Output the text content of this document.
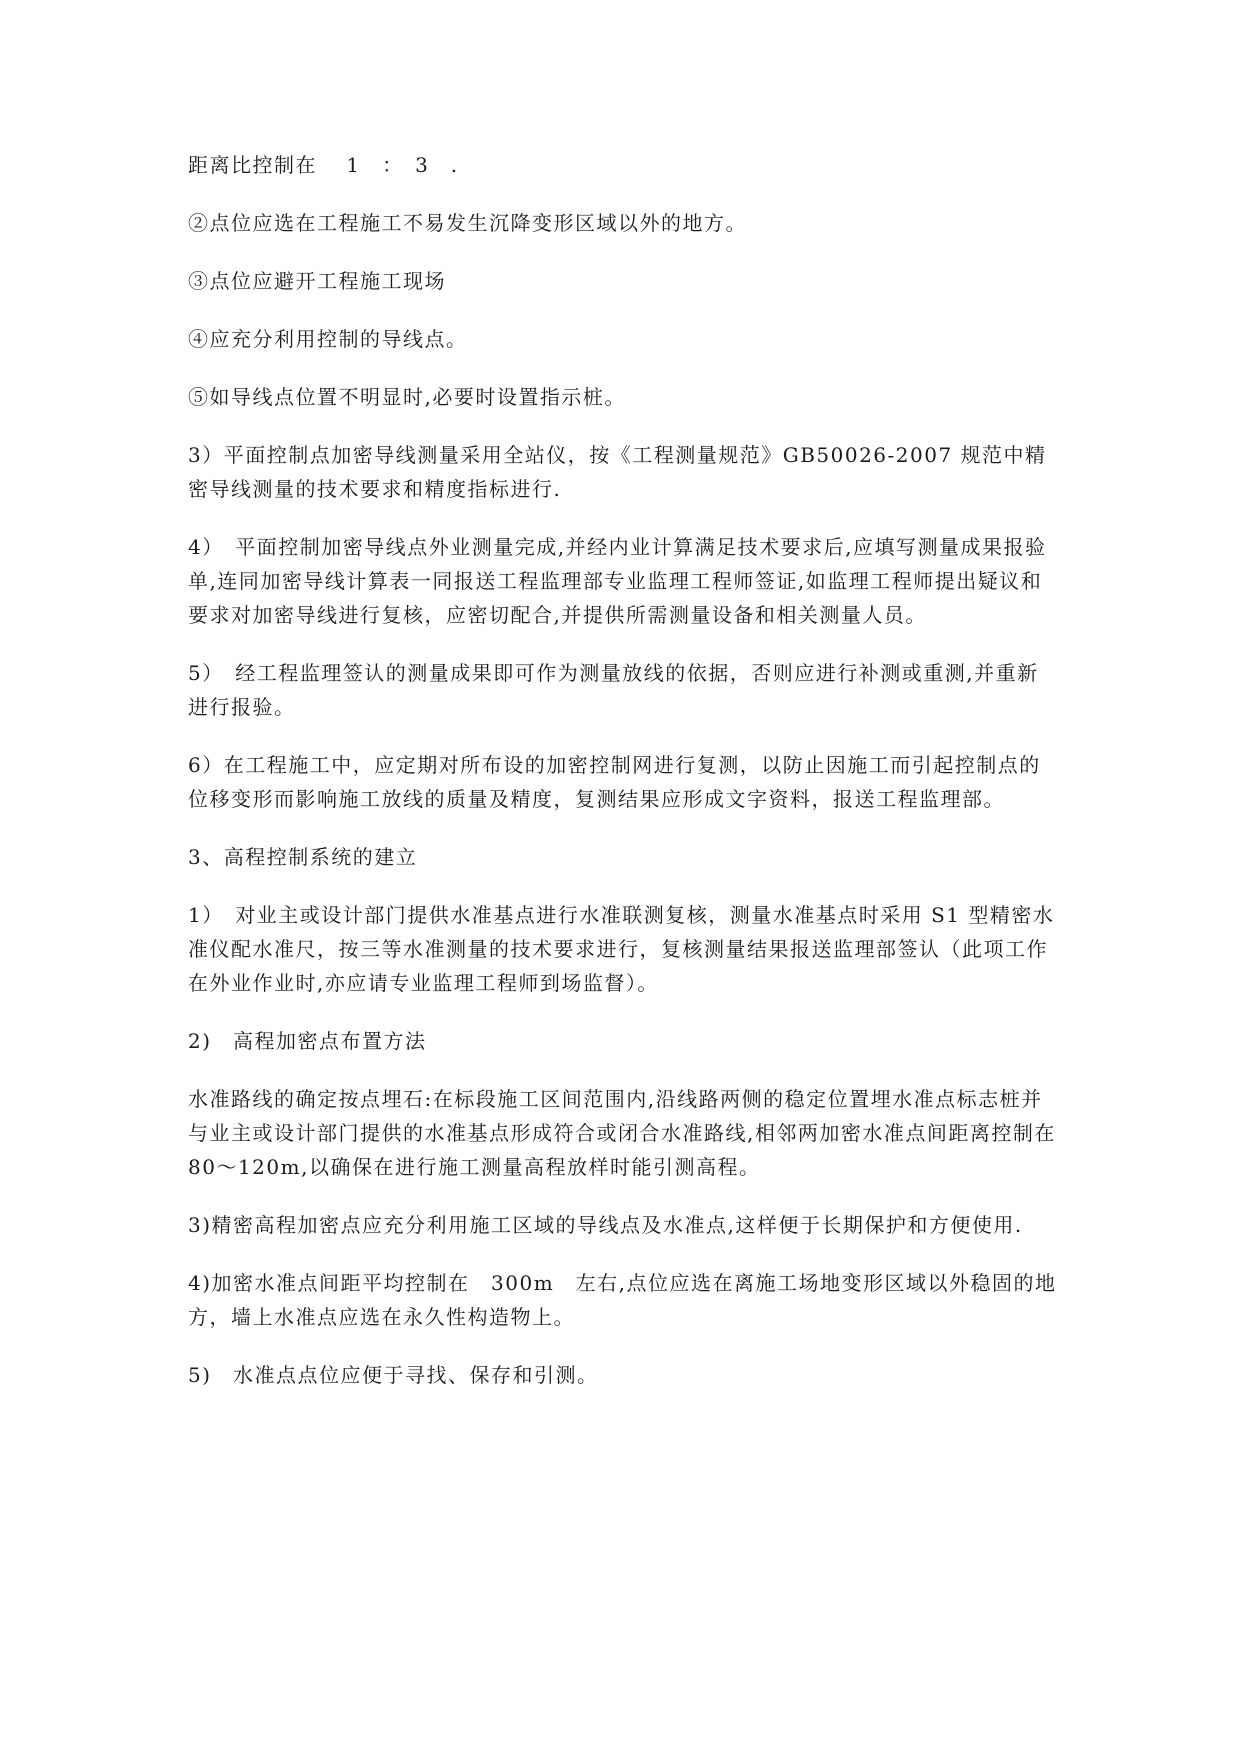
距离比控制在 　1　：　3　.

②点位应选在工程施工不易发生沉降变形区域以外的地方。

③点位应避开工程施工现场

④应充分利用控制的导线点。

⑤如导线点位置不明显时,必要时设置指示桩。

3）平面控制点加密导线测量采用全站仪，按《工程测量规范》GB50026-2007 规范中精密导线测量的技术要求和精度指标进行.

4）　平面控制加密导线点外业测量完成,并经内业计算满足技术要求后,应填写测量成果报验单,连同加密导线计算表一同报送工程监理部专业监理工程师签证,如监理工程师提出疑议和要求对加密导线进行复核，应密切配合,并提供所需测量设备和相关测量人员。

5）　经工程监理签认的测量成果即可作为测量放线的依据，否则应进行补测或重测,并重新进行报验。

6）在工程施工中，应定期对所布设的加密控制网进行复测，以防止因施工而引起控制点的位移变形而影响施工放线的质量及精度，复测结果应形成文字资料，报送工程监理部。

3、高程控制系统的建立

1）　对业主或设计部门提供水准基点进行水准联测复核，测量水准基点时采用 S1 型精密水准仪配水准尺，按三等水准测量的技术要求进行，复核测量结果报送监理部签认（此项工作在外业作业时,亦应请专业监理工程师到场监督）。

2)　高程加密点布置方法

水准路线的确定按点埋石:在标段施工区间范围内,沿线路两侧的稳定位置埋水准点标志桩并与业主或设计部门提供的水准基点形成符合或闭合水准路线,相邻两加密水准点间距离控制在 80～120m,以确保在进行施工测量高程放样时能引测高程。

3)精密高程加密点应充分利用施工区域的导线点及水准点,这样便于长期保护和方便使用.

4)加密水准点间距平均控制在　300m　左右,点位应选在离施工场地变形区域以外稳固的地方，墙上水准点应选在永久性构造物上。

5)　水准点点位应便于寻找、保存和引测。
